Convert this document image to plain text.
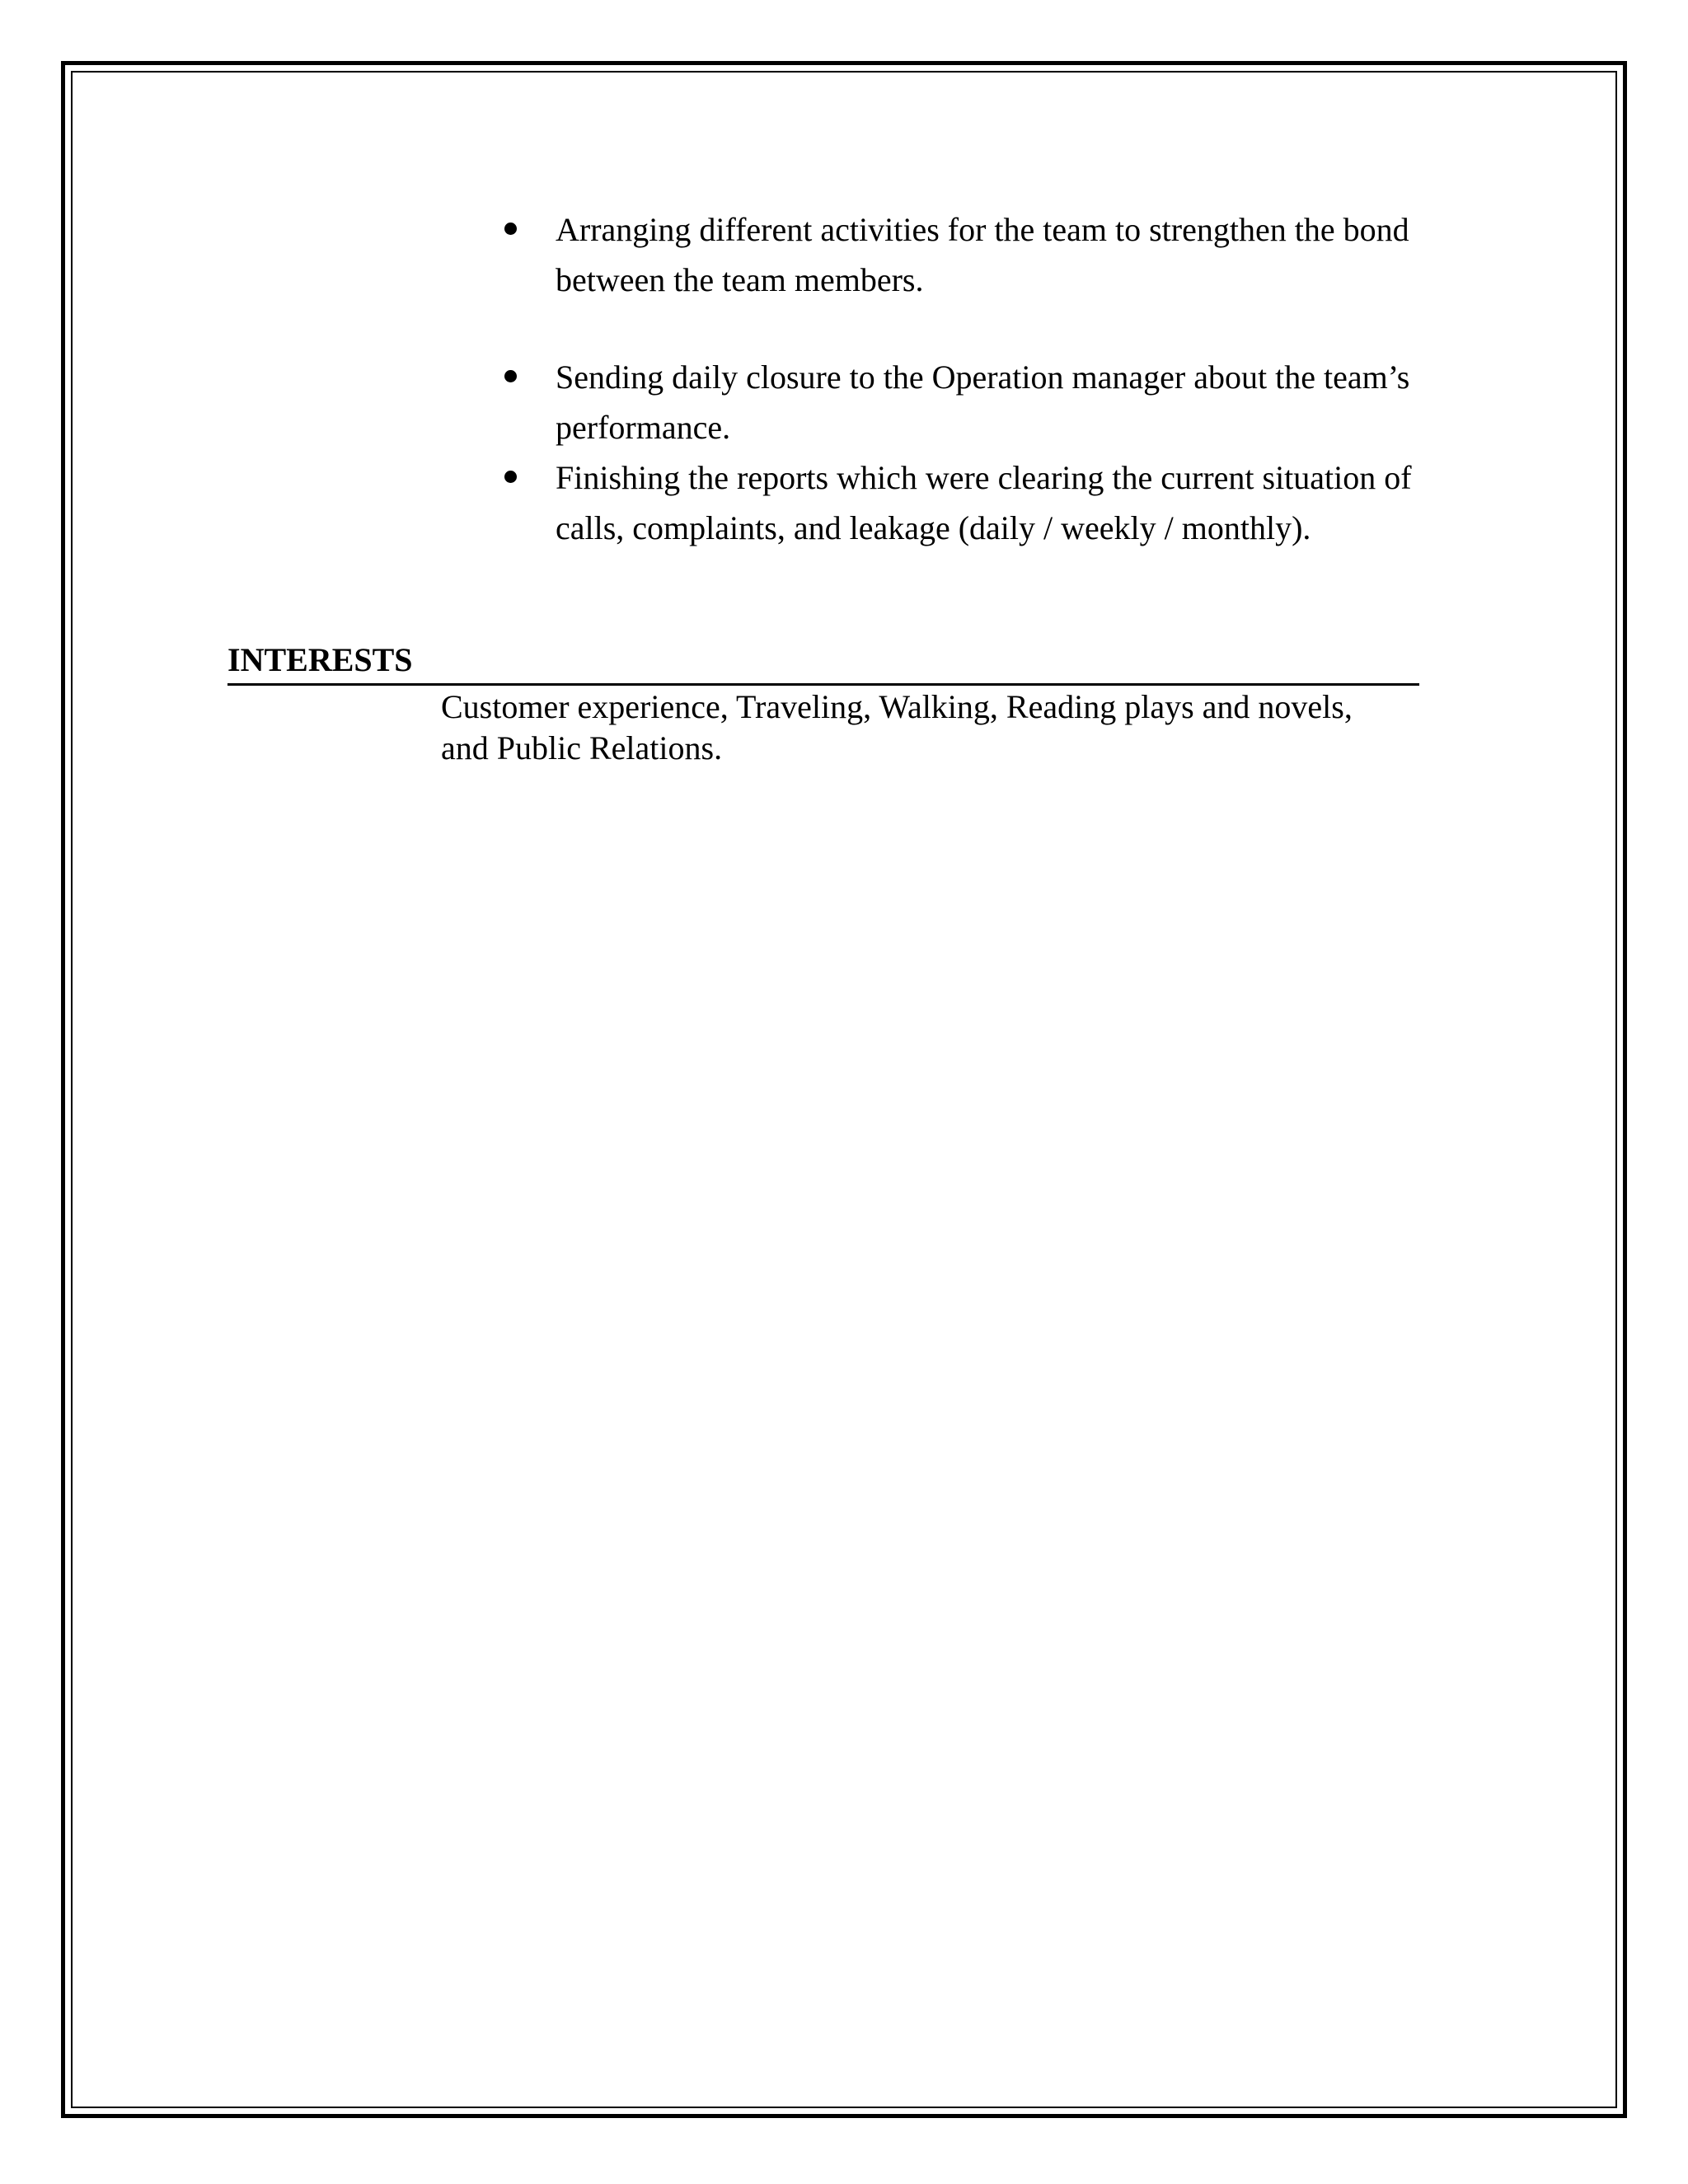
Arranging different activities for the team to strengthen the bond between the team members.
Sending daily closure to the Operation manager about the team’s performance.
Finishing the reports which were clearing the current situation of calls, complaints, and leakage (daily / weekly / monthly).
INTERESTS
Customer experience, Traveling, Walking, Reading plays and novels, and Public Relations.
